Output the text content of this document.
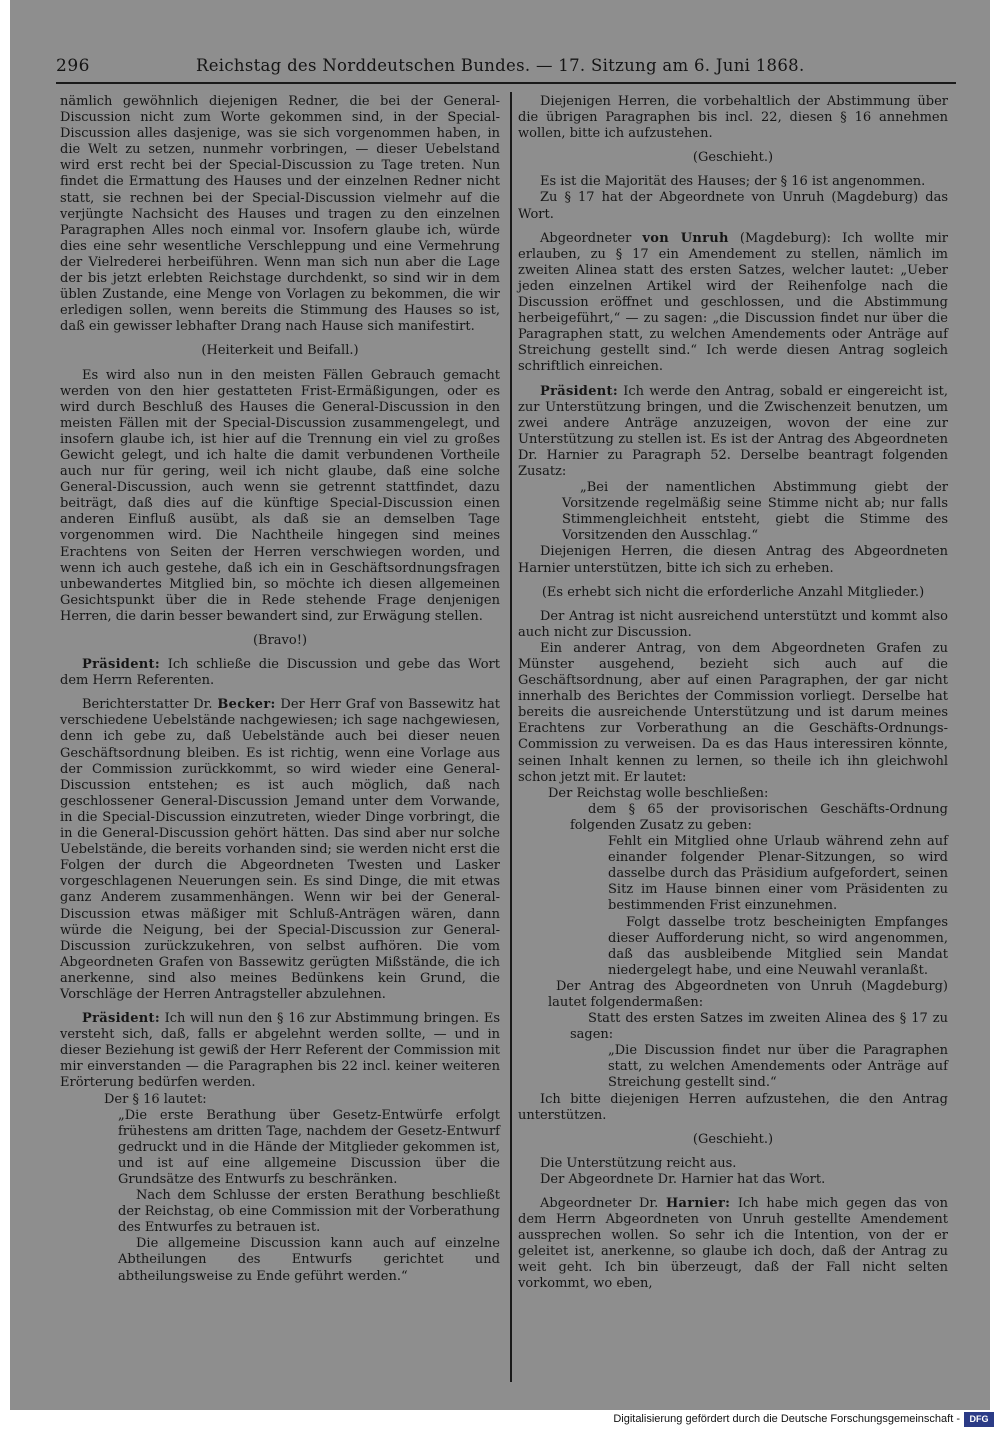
296	Reichstag des Norddeutschen Bundes. — 17. Sitzung am 6. Juni 1868.

nämlich gewöhnlich diejenigen Redner, die bei der General-Discussion nicht zum Worte gekommen sind, in der Special-Discussion alles dasjenige, was sie sich vorgenommen haben, in die Welt zu setzen, nunmehr vorbringen, — dieser Uebelstand wird erst recht bei der Special-Discussion zu Tage treten. Nun findet die Ermattung des Hauses und der einzelnen Redner nicht statt, sie rechnen bei der Special-Discussion vielmehr auf die verjüngte Nachsicht des Hauses und tragen zu den einzelnen Paragraphen Alles noch einmal vor. Insofern glaube ich, würde dies eine sehr wesentliche Verschleppung und eine Vermehrung der Vielrederei herbeiführen. Wenn man sich nun aber die Lage der bis jetzt erlebten Reichstage durchdenkt, so sind wir in dem üblen Zustande, eine Menge von Vorlagen zu bekommen, die wir erledigen sollen, wenn bereits die Stimmung des Hauses so ist, daß ein gewisser lebhafter Drang nach Hause sich manifestirt.

(Heiterkeit und Beifall.)

Es wird also nun in den meisten Fällen Gebrauch gemacht werden von den hier gestatteten Frist-Ermäßigungen, oder es wird durch Beschluß des Hauses die General-Discussion in den meisten Fällen mit der Special-Discussion zusammengelegt, und insofern glaube ich, ist hier auf die Trennung ein viel zu großes Gewicht gelegt, und ich halte die damit verbundenen Vortheile auch nur für gering, weil ich nicht glaube, daß eine solche General-Discussion, auch wenn sie getrennt stattfindet, dazu beiträgt, daß dies auf die künftige Special-Discussion einen anderen Einfluß ausübt, als daß sie an demselben Tage vorgenommen wird. Die Nachtheile hingegen sind meines Erachtens von Seiten der Herren verschwiegen worden, und wenn ich auch gestehe, daß ich ein in Geschäftsordnungsfragen unbewandertes Mitglied bin, so möchte ich diesen allgemeinen Gesichtspunkt über die in Rede stehende Frage denjenigen Herren, die darin besser bewandert sind, zur Erwägung stellen.

(Bravo!)

Präsident: Ich schließe die Discussion und gebe das Wort dem Herrn Referenten.

Berichterstatter Dr. Becker: Der Herr Graf von Bassewitz hat verschiedene Uebelstände nachgewiesen; ich sage nachgewiesen, denn ich gebe zu, daß Uebelstände auch bei dieser neuen Geschäftsordnung bleiben. Es ist richtig, wenn eine Vorlage aus der Commission zurückkommt, so wird wieder eine General-Discussion entstehen; es ist auch möglich, daß nach geschlossener General-Discussion Jemand unter dem Vorwande, in die Special-Discussion einzutreten, wieder Dinge vorbringt, die in die General-Discussion gehört hätten. Das sind aber nur solche Uebelstände, die bereits vorhanden sind; sie werden nicht erst die Folgen der durch die Abgeordneten Twesten und Lasker vorgeschlagenen Neuerungen sein. Es sind Dinge, die mit etwas ganz Anderem zusammenhängen. Wenn wir bei der General-Discussion etwas mäßiger mit Schluß-Anträgen wären, dann würde die Neigung, bei der Special-Discussion zur General-Discussion zurückzukehren, von selbst aufhören. Die vom Abgeordneten Grafen von Bassewitz gerügten Mißstände, die ich anerkenne, sind also meines Bedünkens kein Grund, die Vorschläge der Herren Antragsteller abzulehnen.

Präsident: Ich will nun den § 16 zur Abstimmung bringen. Es versteht sich, daß, falls er abgelehnt werden sollte, — und in dieser Beziehung ist gewiß der Herr Referent der Commission mit mir einverstanden — die Paragraphen bis 22 incl. keiner weiteren Erörterung bedürfen werden.

Der § 16 lautet:

„Die erste Berathung über Gesetz-Entwürfe erfolgt frühestens am dritten Tage, nachdem der Gesetz-Entwurf gedruckt und in die Hände der Mitglieder gekommen ist, und ist auf eine allgemeine Discussion über die Grundsätze des Entwurfs zu beschränken.

Nach dem Schlusse der ersten Berathung beschließt der Reichstag, ob eine Commission mit der Vorberathung des Entwurfes zu betrauen ist.

Die allgemeine Discussion kann auch auf einzelne Abtheilungen des Entwurfs gerichtet und abtheilungsweise zu Ende geführt werden.“

Diejenigen Herren, die vorbehaltlich der Abstimmung über die übrigen Paragraphen bis incl. 22, diesen § 16 annehmen wollen, bitte ich aufzustehen.

(Geschieht.)

Es ist die Majorität des Hauses; der § 16 ist angenommen.

Zu § 17 hat der Abgeordnete von Unruh (Magdeburg) das Wort.

Abgeordneter von Unruh (Magdeburg): Ich wollte mir erlauben, zu § 17 ein Amendement zu stellen, nämlich im zweiten Alinea statt des ersten Satzes, welcher lautet: „Ueber jeden einzelnen Artikel wird der Reihenfolge nach die Discussion eröffnet und geschlossen, und die Abstimmung herbeigeführt,“ — zu sagen: „die Discussion findet nur über die Paragraphen statt, zu welchen Amendements oder Anträge auf Streichung gestellt sind.“ Ich werde diesen Antrag sogleich schriftlich einreichen.

Präsident: Ich werde den Antrag, sobald er eingereicht ist, zur Unterstützung bringen, und die Zwischenzeit benutzen, um zwei andere Anträge anzuzeigen, wovon der eine zur Unterstützung zu stellen ist. Es ist der Antrag des Abgeordneten Dr. Harnier zu Paragraph 52. Derselbe beantragt folgenden Zusatz:

„Bei der namentlichen Abstimmung giebt der Vorsitzende regelmäßig seine Stimme nicht ab; nur falls Stimmengleichheit entsteht, giebt die Stimme des Vorsitzenden den Ausschlag.“

Diejenigen Herren, die diesen Antrag des Abgeordneten Harnier unterstützen, bitte ich sich zu erheben.

(Es erhebt sich nicht die erforderliche Anzahl Mitglieder.)

Der Antrag ist nicht ausreichend unterstützt und kommt also auch nicht zur Discussion.

Ein anderer Antrag, von dem Abgeordneten Grafen zu Münster ausgehend, bezieht sich auch auf die Geschäftsordnung, aber auf einen Paragraphen, der gar nicht innerhalb des Berichtes der Commission vorliegt. Derselbe hat bereits die ausreichende Unterstützung und ist darum meines Erachtens zur Vorberathung an die Geschäfts-Ordnungs-Commission zu verweisen. Da es das Haus interessiren könnte, seinen Inhalt kennen zu lernen, so theile ich ihn gleichwohl schon jetzt mit. Er lautet:

Der Reichstag wolle beschließen:

dem § 65 der provisorischen Geschäfts-Ordnung folgenden Zusatz zu geben:

Fehlt ein Mitglied ohne Urlaub während zehn auf einander folgender Plenar-Sitzungen, so wird dasselbe durch das Präsidium aufgefordert, seinen Sitz im Hause binnen einer vom Präsidenten zu bestimmenden Frist einzunehmen.

Folgt dasselbe trotz bescheinigten Empfanges dieser Aufforderung nicht, so wird angenommen, daß das ausbleibende Mitglied sein Mandat niedergelegt habe, und eine Neuwahl veranlaßt.

Der Antrag des Abgeordneten von Unruh (Magdeburg) lautet folgendermaßen:

Statt des ersten Satzes im zweiten Alinea des § 17 zu sagen:

„Die Discussion findet nur über die Paragraphen statt, zu welchen Amendements oder Anträge auf Streichung gestellt sind.“

Ich bitte diejenigen Herren aufzustehen, die den Antrag unterstützen.

(Geschieht.)

Die Unterstützung reicht aus.

Der Abgeordnete Dr. Harnier hat das Wort.

Abgeordneter Dr. Harnier: Ich habe mich gegen das von dem Herrn Abgeordneten von Unruh gestellte Amendement aussprechen wollen. So sehr ich die Intention, von der er geleitet ist, anerkenne, so glaube ich doch, daß der Antrag zu weit geht. Ich bin überzeugt, daß der Fall nicht selten vorkommt, wo eben,

Digitalisierung gefördert durch die Deutsche Forschungsgemeinschaft -	DFG
